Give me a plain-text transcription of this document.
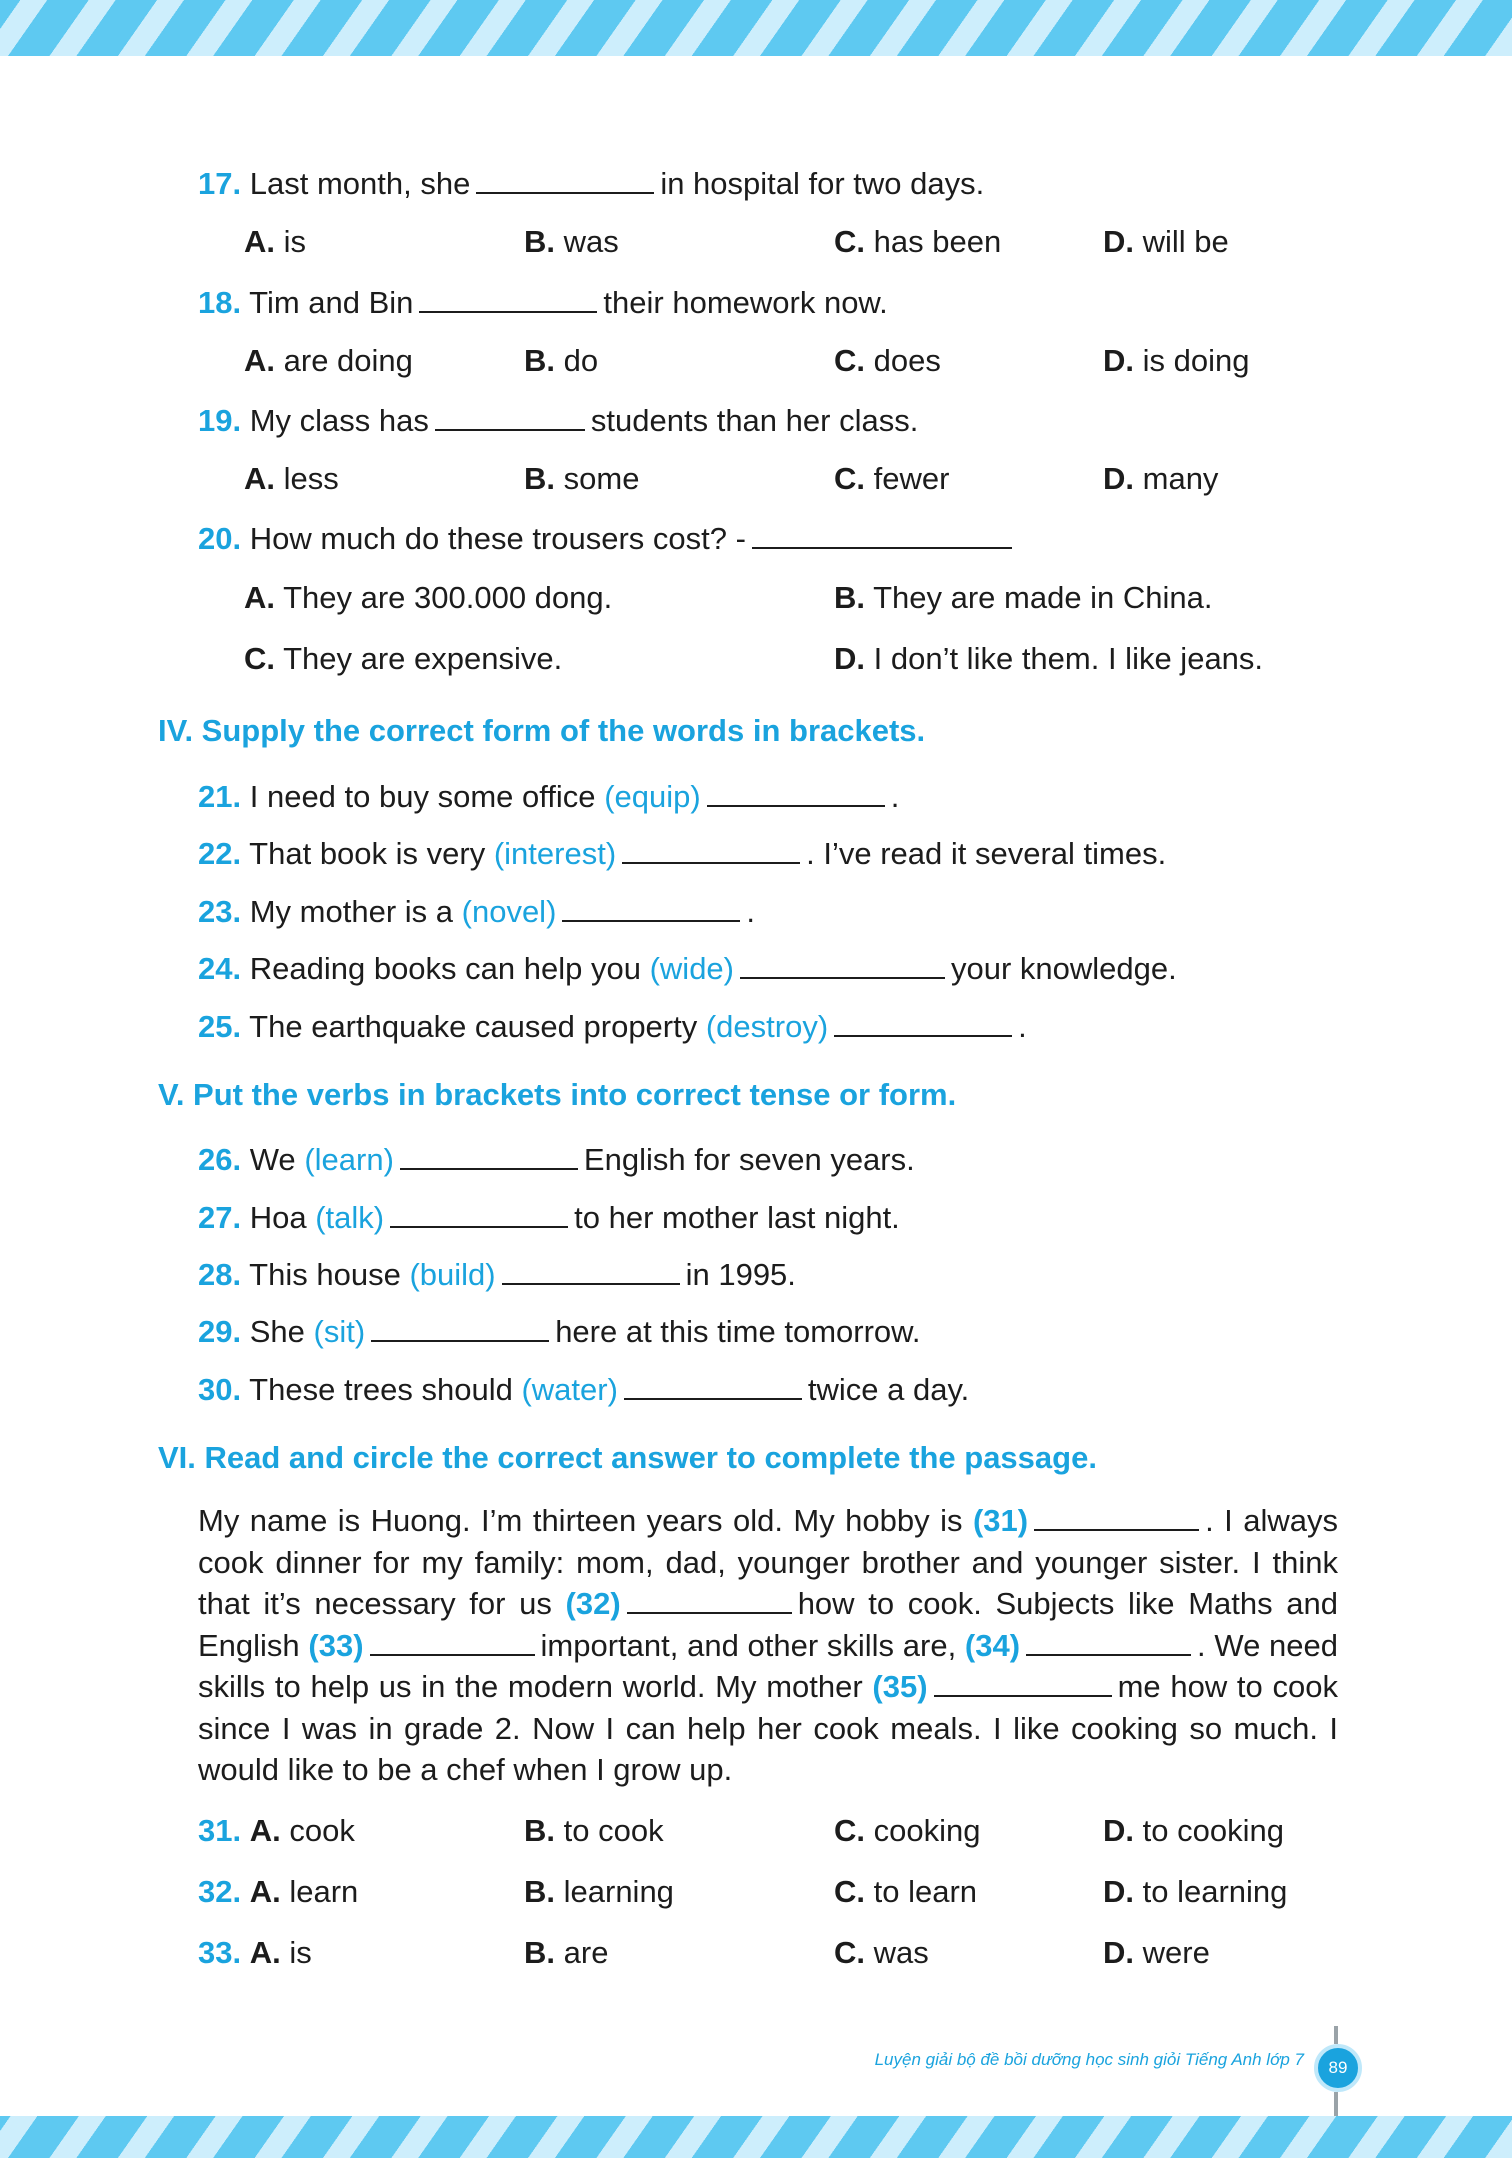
17. Last month, she	in hospital for two days.
A. is	B. was	C. has been	D. will be
18. Tim and Bin	their homework now.
A. are doing	B. do	C. does	D. is doing
19. My class has	students than her class.
A. less	B. some	C. fewer	D. many
20. How much do these trousers cost? -
A. They are 300.000 dong.	B. They are made in China.
C. They are expensive.	D. I don’t like them. I like jeans.
IV. Supply the correct form of the words in brackets.
21. I need to buy some office (equip)	.
22. That book is very (interest)	. I’ve read it several times.
23. My mother is a (novel)	.
24. Reading books can help you (wide)	your knowledge.
25. The earthquake caused property (destroy)	.
V. Put the verbs in brackets into correct tense or form.
26. We (learn)	English for seven years.
27. Hoa (talk)	to her mother last night.
28. This house (build)	in 1995.
29. She (sit)	here at this time tomorrow.
30. These trees should (water)	twice a day.
VI. Read and circle the correct answer to complete the passage.
My name is Huong. I’m thirteen years old. My hobby is (31)	. I always cook dinner for my family: mom, dad, younger brother and younger sister. I think that it’s necessary for us (32)	how to cook. Subjects like Maths and English (33)	important, and other skills are, (34)	. We need skills to help us in the modern world. My mother (35)	me how to cook since I was in grade 2. Now I can help her cook meals. I like cooking so much. I would like to be a chef when I grow up.
31. A. cook	B. to cook	C. cooking	D. to cooking
32. A. learn	B. learning	C. to learn	D. to learning
33. A. is	B. are	C. was	D. were
Luyện giải bộ đề bồi dưỡng học sinh giỏi Tiếng Anh lớp 7	89
